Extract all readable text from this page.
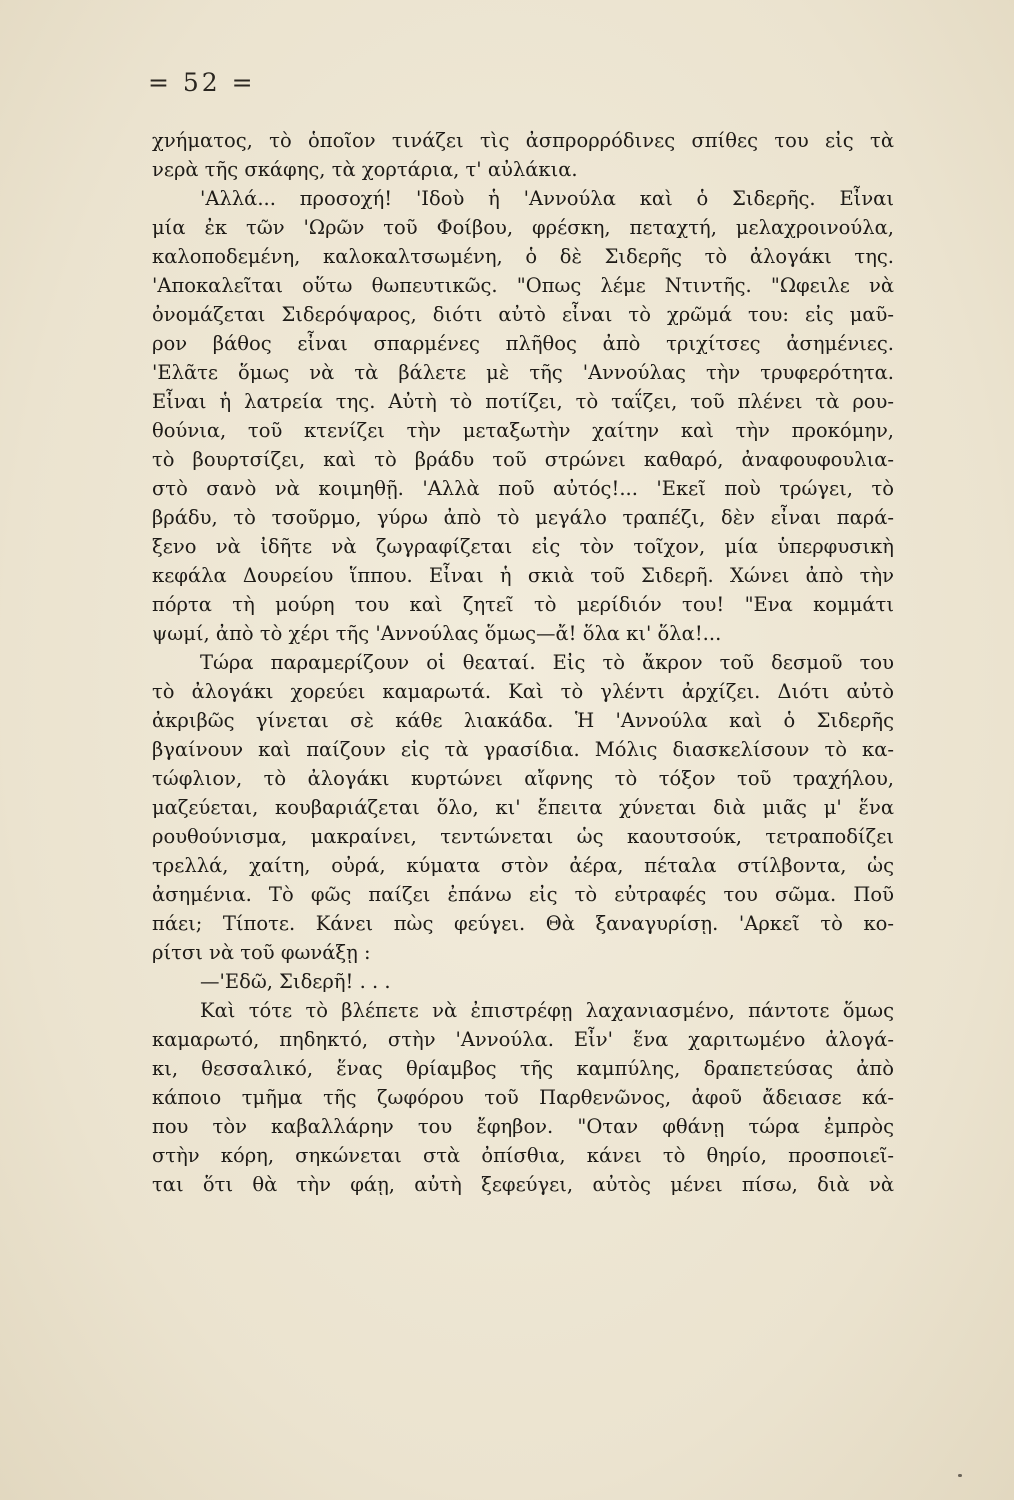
= 52 =
χνήματος, τὸ ὁποῖον τινάζει τὶς ἀσπρορρόδινες σπίθες του εἰς τὰ
νερὰ τῆς σκάφης, τὰ χορτάρια, τ' αὐλάκια.
'Αλλά... προσοχή! 'Ιδοὺ ἡ 'Αννούλα καὶ ὁ Σιδερῆς. Εἶναι
μία ἐκ τῶν 'Ωρῶν τοῦ Φοίβου, φρέσκη, πεταχτή, μελαχροινούλα,
καλοποδεμένη, καλοκαλτσωμένη, ὁ δὲ Σιδερῆς τὸ ἀλογάκι της.
'Αποκαλεῖται οὕτω θωπευτικῶς. "Οπως λέμε Ντιντῆς. "Ωφειλε νὰ
ὀνομάζεται Σιδερόψαρος, διότι αὐτὸ εἶναι τὸ χρῶμά του: εἰς μαῦ-
ρον βάθος εἶναι σπαρμένες πλῆθος ἀπὸ τριχίτσες ἀσημένιες.
'Ελᾶτε ὅμως νὰ τὰ βάλετε μὲ τῆς 'Αννούλας τὴν τρυφερότητα.
Εἶναι ἡ λατρεία της. Αὐτὴ τὸ ποτίζει, τὸ ταΐζει, τοῦ πλένει τὰ ρου-
θούνια, τοῦ κτενίζει τὴν μεταξωτὴν χαίτην καὶ τὴν προκόμην,
τὸ βουρτσίζει, καὶ τὸ βράδυ τοῦ στρώνει καθαρό, ἀναφουφουλια-
στὸ σανὸ νὰ κοιμηθῇ. 'Αλλὰ ποῦ αὐτός!... 'Εκεῖ ποὺ τρώγει, τὸ
βράδυ, τὸ τσοῦρμο, γύρω ἀπὸ τὸ μεγάλο τραπέζι, δὲν εἶναι παρά-
ξενο νὰ ἰδῆτε νὰ ζωγραφίζεται εἰς τὸν τοῖχον, μία ὑπερφυσικὴ
κεφάλα Δουρείου ἵππου. Εἶναι ἡ σκιὰ τοῦ Σιδερῆ. Χώνει ἀπὸ τὴν
πόρτα τὴ μούρη του καὶ ζητεῖ τὸ μερίδιόν του! "Ενα κομμάτι
ψωμί, ἀπὸ τὸ χέρι τῆς 'Αννούλας ὅμως—ἄ! ὅλα κι' ὅλα!...
Τώρα παραμερίζουν οἱ θεαταί. Εἰς τὸ ἄκρον τοῦ δεσμοῦ του
τὸ ἀλογάκι χορεύει καμαρωτά. Καὶ τὸ γλέντι ἀρχίζει. Διότι αὐτὸ
ἀκριβῶς γίνεται σὲ κάθε λιακάδα. Ἡ 'Αννούλα καὶ ὁ Σιδερῆς
βγαίνουν καὶ παίζουν εἰς τὰ γρασίδια. Μόλις διασκελίσουν τὸ κα-
τώφλιον, τὸ ἀλογάκι κυρτώνει αἴφνης τὸ τόξον τοῦ τραχήλου,
μαζεύεται, κουβαριάζεται ὅλο, κι' ἔπειτα χύνεται διὰ μιᾶς μ' ἕνα
ρουθούνισμα, μακραίνει, τεντώνεται ὡς καουτσούκ, τετραποδίζει
τρελλά, χαίτη, οὐρά, κύματα στὸν ἀέρα, πέταλα στίλβοντα, ὡς
ἀσημένια. Τὸ φῶς παίζει ἐπάνω εἰς τὸ εὐτραφές του σῶμα. Ποῦ
πάει; Τίποτε. Κάνει πὼς φεύγει. Θὰ ξαναγυρίσῃ. 'Αρκεῖ τὸ κο-
ρίτσι νὰ τοῦ φωνάξῃ :
—'Εδῶ, Σιδερῆ! . . .
Καὶ τότε τὸ βλέπετε νὰ ἐπιστρέφῃ λαχανιασμένο, πάντοτε ὅμως
καμαρωτό, πηδηκτό, στὴν 'Αννούλα. Εἶν' ἕνα χαριτωμένο ἀλογά-
κι, θεσσαλικό, ἕνας θρίαμβος τῆς καμπύλης, δραπετεύσας ἀπὸ
κάποιο τμῆμα τῆς ζωφόρου τοῦ Παρθενῶνος, ἀφοῦ ἄδειασε κά-
που τὸν καβαλλάρην του ἔφηβον. "Οταν φθάνῃ τώρα ἐμπρὸς
στὴν κόρη, σηκώνεται στὰ ὀπίσθια, κάνει τὸ θηρίο, προσποιεῖ-
ται ὅτι θὰ τὴν φάῃ, αὐτὴ ξεφεύγει, αὐτὸς μένει πίσω, διὰ νὰ
